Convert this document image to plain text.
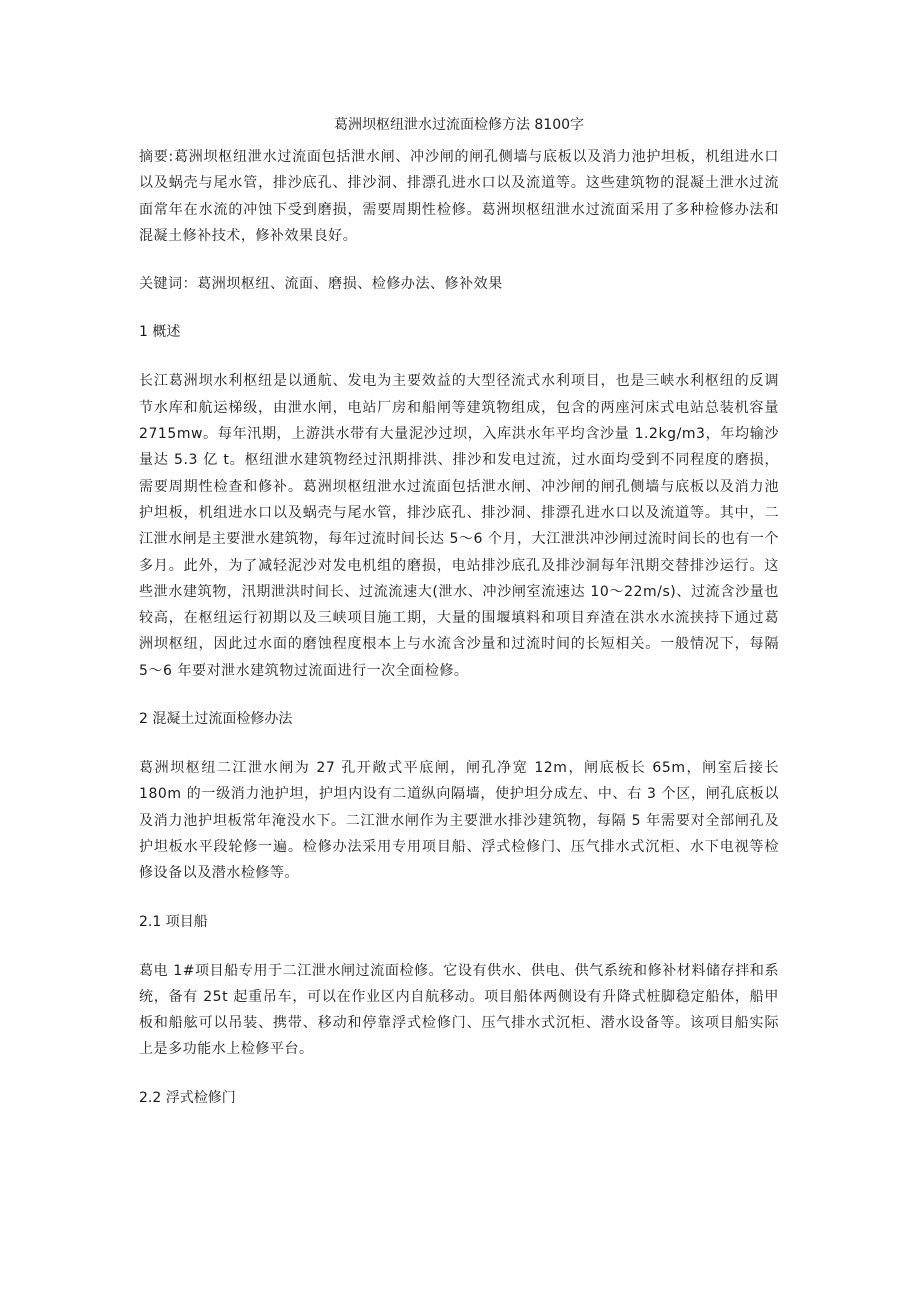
葛洲坝枢纽泄水过流面检修方法 8100字

摘要:葛洲坝枢纽泄水过流面包括泄水闸、冲沙闸的闸孔侧墙与底板以及消力池护坦板，机组进水口以及蜗壳与尾水管，排沙底孔、排沙洞、排漂孔进水口以及流道等。这些建筑物的混凝土泄水过流面常年在水流的冲蚀下受到磨损，需要周期性检修。葛洲坝枢纽泄水过流面采用了多种检修办法和混凝土修补技术，修补效果良好。

关键词：葛洲坝枢纽、流面、磨损、检修办法、修补效果

1 概述

长江葛洲坝水利枢纽是以通航、发电为主要效益的大型径流式水利项目，也是三峡水利枢纽的反调节水库和航运梯级，由泄水闸，电站厂房和船闸等建筑物组成，包含的两座河床式电站总装机容量 2715mw。每年汛期，上游洪水带有大量泥沙过坝，入库洪水年平均含沙量 1.2kg/m3，年均输沙量达 5.3 亿 t。枢纽泄水建筑物经过汛期排洪、排沙和发电过流，过水面均受到不同程度的磨损，需要周期性检查和修补。葛洲坝枢纽泄水过流面包括泄水闸、冲沙闸的闸孔侧墙与底板以及消力池护坦板，机组进水口以及蜗壳与尾水管，排沙底孔、排沙洞、排漂孔进水口以及流道等。其中，二江泄水闸是主要泄水建筑物，每年过流时间长达 5～6 个月，大江泄洪冲沙闸过流时间长的也有一个多月。此外，为了减轻泥沙对发电机组的磨损，电站排沙底孔及排沙洞每年汛期交替排沙运行。这些泄水建筑物，汛期泄洪时间长、过流流速大(泄水、冲沙闸室流速达 10～22m/s)、过流含沙量也较高，在枢纽运行初期以及三峡项目施工期，大量的围堰填料和项目弃渣在洪水水流挟持下通过葛洲坝枢纽，因此过水面的磨蚀程度根本上与水流含沙量和过流时间的长短相关。一般情况下，每隔 5～6 年要对泄水建筑物过流面进行一次全面检修。

2 混凝土过流面检修办法

葛洲坝枢纽二江泄水闸为 27 孔开敞式平底闸，闸孔净宽 12m，闸底板长 65m，闸室后接长 180m 的一级消力池护坦，护坦内设有二道纵向隔墙，使护坦分成左、中、右 3 个区，闸孔底板以及消力池护坦板常年淹没水下。二江泄水闸作为主要泄水排沙建筑物，每隔 5 年需要对全部闸孔及护坦板水平段轮修一遍。检修办法采用专用项目船、浮式检修门、压气排水式沉柜、水下电视等检修设备以及潜水检修等。

2.1 项目船

葛电 1#项目船专用于二江泄水闸过流面检修。它设有供水、供电、供气系统和修补材料储存拌和系统，备有 25t 起重吊车，可以在作业区内自航移动。项目船体两侧设有升降式桩脚稳定船体，船甲板和船舷可以吊装、携带、移动和停靠浮式检修门、压气排水式沉柜、潜水设备等。该项目船实际上是多功能水上检修平台。

2.2 浮式检修门
